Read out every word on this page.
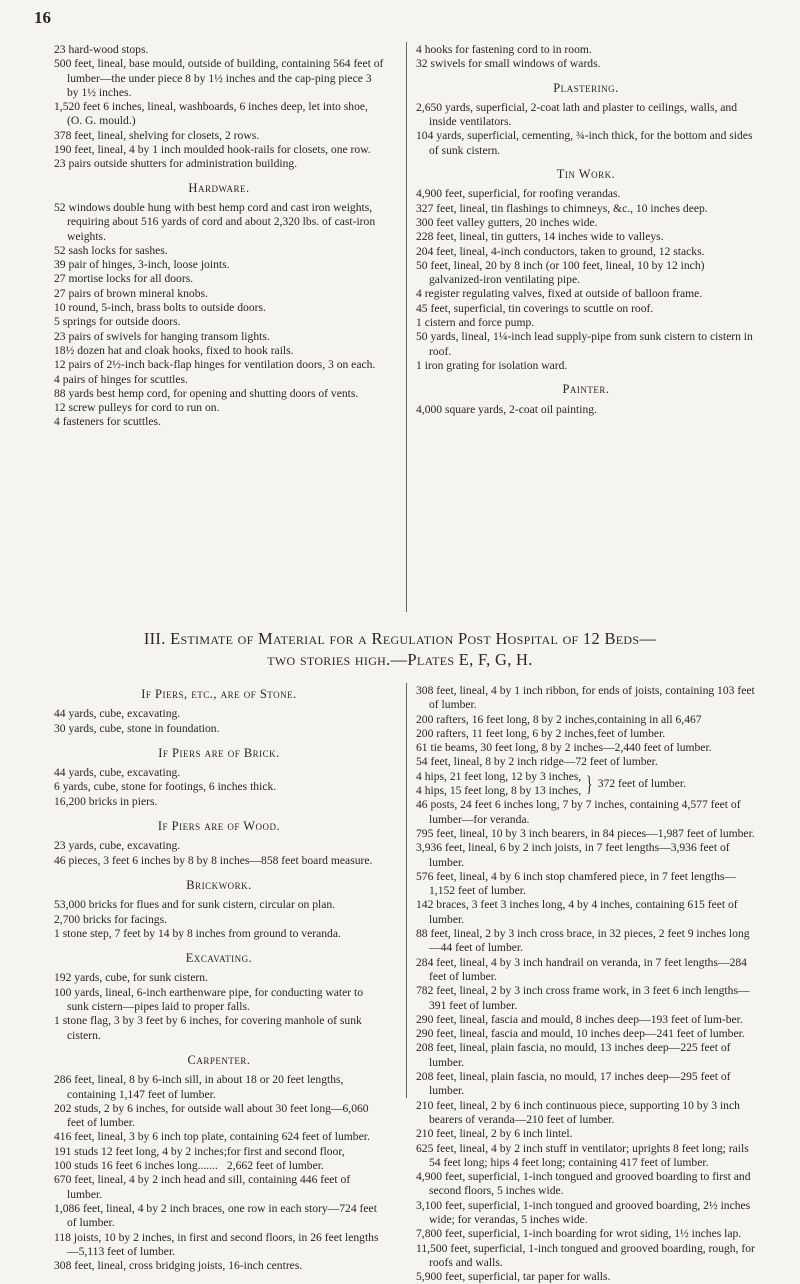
16

23 hard-wood stops.

500 feet, lineal, base mould, outside of building, containing 564 feet of lumber—the under piece 8 by 1½ inches and the cap-ping piece 3 by 1½ inches.

1,520 feet 6 inches, lineal, washboards, 6 inches deep, let into shoe, (O. G. mould.)

378 feet, lineal, shelving for closets, 2 rows.

190 feet, lineal, 4 by 1 inch moulded hook-rails for closets, one row.

23 pairs outside shutters for administration building.

Hardware.

52 windows double hung with best hemp cord and cast iron weights, requiring about 516 yards of cord and about 2,320 lbs. of cast-iron weights.

52 sash locks for sashes.

39 pair of hinges, 3-inch, loose joints.

27 mortise locks for all doors.

27 pairs of brown mineral knobs.

10 round, 5-inch, brass bolts to outside doors.

5 springs for outside doors.

23 pairs of swivels for hanging transom lights.

18½ dozen hat and cloak hooks, fixed to hook rails.

12 pairs of 2½-inch back-flap hinges for ventilation doors, 3 on each.

4 pairs of hinges for scuttles.

88 yards best hemp cord, for opening and shutting doors of vents.

12 screw pulleys for cord to run on.

4 fasteners for scuttles.

4 hooks for fastening cord to in room.

32 swivels for small windows of wards.

Plastering.

2,650 yards, superficial, 2-coat lath and plaster to ceilings, walls, and inside ventilators.

104 yards, superficial, cementing, ¾-inch thick, for the bottom and sides of sunk cistern.

Tin Work.

4,900 feet, superficial, for roofing verandas.

327 feet, lineal, tin flashings to chimneys, &c., 10 inches deep.

300 feet valley gutters, 20 inches wide.

228 feet, lineal, tin gutters, 14 inches wide to valleys.

204 feet, lineal, 4-inch conductors, taken to ground, 12 stacks.

50 feet, lineal, 20 by 8 inch (or 100 feet, lineal, 10 by 12 inch) galvanized-iron ventilating pipe.

4 register regulating valves, fixed at outside of balloon frame.

45 feet, superficial, tin coverings to scuttle on roof.

1 cistern and force pump.

50 yards, lineal, 1¼-inch lead supply-pipe from sunk cistern to cistern in roof.

1 iron grating for isolation ward.

Painter.

4,000 square yards, 2-coat oil painting.

III. Estimate of Material for a Regulation Post Hospital of 12 Beds—
two stories high.—Plates E, F, G, H.
If Piers, etc., are of Stone.

44 yards, cube, excavating.

30 yards, cube, stone in foundation.

If Piers are of Brick.

44 yards, cube, excavating.

6 yards, cube, stone for footings, 6 inches thick.

16,200 bricks in piers.

If Piers are of Wood.

23 yards, cube, excavating.

46 pieces, 3 feet 6 inches by 8 by 8 inches—858 feet board measure.

Brickwork.

53,000 bricks for flues and for sunk cistern, circular on plan.

2,700 bricks for facings.

1 stone step, 7 feet by 14 by 8 inches from ground to veranda.

Excavating.

192 yards, cube, for sunk cistern.

100 yards, lineal, 6-inch earthenware pipe, for conducting water to sunk cistern—pipes laid to proper falls.

1 stone flag, 3 by 3 feet by 6 inches, for covering manhole of sunk cistern.

Carpenter.

286 feet, lineal, 8 by 6-inch sill, in about 18 or 20 feet lengths, containing 1,147 feet of lumber.

202 studs, 2 by 6 inches, for outside wall about 30 feet long—6,060 feet of lumber.

416 feet, lineal, 3 by 6 inch top plate, containing 624 feet of lumber.

191 studs 12 feet long, 4 by 2 inches;
100 studs 16 feet 6 inches long.......
for first and second floor,
2,662 feet of lumber.

670 feet, lineal, 4 by 2 inch head and sill, containing 446 feet of lumber.

1,086 feet, lineal, 4 by 2 inch braces, one row in each story—724 feet of lumber.

118 joists, 10 by 2 inches, in first and second floors, in 26 feet lengths—5,113 feet of lumber.

308 feet, lineal, cross bridging joists, 16-inch centres.

308 feet, lineal, 4 by 1 inch ribbon, for ends of joists, containing 103 feet of lumber.

200 rafters, 16 feet long, 8 by 2 inches,
200 rafters, 11 feet long, 6 by 2 inches,
containing in all 6,467
feet of lumber.

61 tie beams, 30 feet long, 8 by 2 inches—2,440 feet of lumber.

54 feet, lineal, 8 by 2 inch ridge—72 feet of lumber.

4 hips, 21 feet long, 12 by 3 inches,
4 hips, 15 feet long, 8 by 13 inches, } 372 feet of lumber.

46 posts, 24 feet 6 inches long, 7 by 7 inches, containing 4,577 feet of lumber—for veranda.

795 feet, lineal, 10 by 3 inch bearers, in 84 pieces—1,987 feet of lumber.

3,936 feet, lineal, 6 by 2 inch joists, in 7 feet lengths—3,936 feet of lumber.

576 feet, lineal, 4 by 6 inch stop chamfered piece, in 7 feet lengths—1,152 feet of lumber.

142 braces, 3 feet 3 inches long, 4 by 4 inches, containing 615 feet of lumber.

88 feet, lineal, 2 by 3 inch cross brace, in 32 pieces, 2 feet 9 inches long—44 feet of lumber.

284 feet, lineal, 4 by 3 inch handrail on veranda, in 7 feet lengths—284 feet of lumber.

782 feet, lineal, 2 by 3 inch cross frame work, in 3 feet 6 inch lengths—391 feet of lumber.

290 feet, lineal, fascia and mould, 8 inches deep—193 feet of lum-ber.

290 feet, lineal, fascia and mould, 10 inches deep—241 feet of lumber.

208 feet, lineal, plain fascia, no mould, 13 inches deep—225 feet of lumber.

208 feet, lineal, plain fascia, no mould, 17 inches deep—295 feet of lumber.

210 feet, lineal, 2 by 6 inch continuous piece, supporting 10 by 3 inch bearers of veranda—210 feet of lumber.

210 feet, lineal, 2 by 6 inch lintel.

625 feet, lineal, 4 by 2 inch stuff in ventilator; uprights 8 feet long; rails 54 feet long; hips 4 feet long; containing 417 feet of lumber.

4,900 feet, superficial, 1-inch tongued and grooved boarding to first and second floors, 5 inches wide.

3,100 feet, superficial, 1-inch tongued and grooved boarding, 2½ inches wide; for verandas, 5 inches wide.

7,800 feet, superficial, 1-inch boarding for wrot siding, 1½ inches lap.

11,500 feet, superficial, 1-inch tongued and grooved boarding, rough, for roofs and walls.

5,900 feet, superficial, tar paper for walls.
